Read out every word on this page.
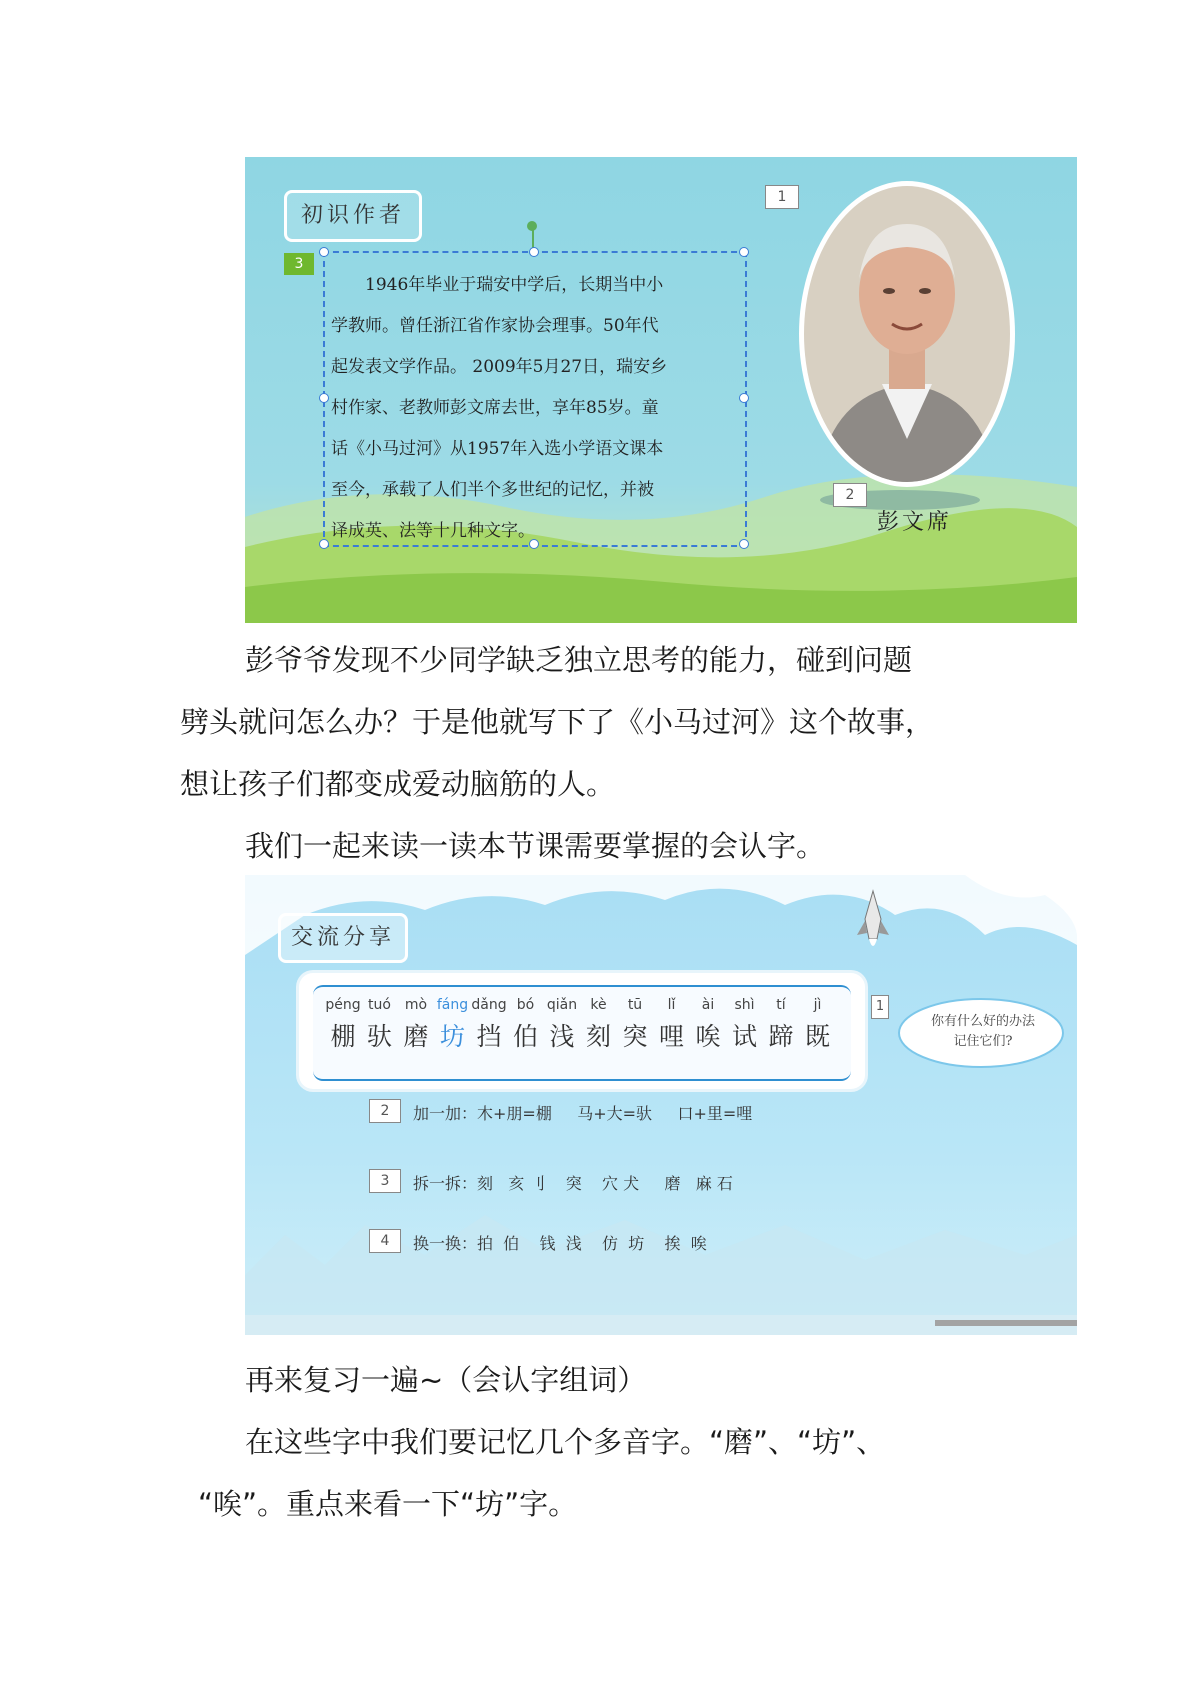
初识作者
3
　　1946年毕业于瑞安中学后，长期当中小
学教师。曾任浙江省作家协会理事。50年代
起发表文学作品。 2009年5月27日，瑞安乡
村作家、老教师彭文席去世，享年85岁。童
话《小马过河》从1957年入选小学语文课本
至今，承载了人们半个多世纪的记忆，并被
译成英、法等十几种文字。
1
2
彭文席
彭爷爷发现不少同学缺乏独立思考的能力，碰到问题
劈头就问怎么办？于是他就写下了《小马过河》这个故事，
想让孩子们都变成爱动脑筋的人。
我们一起来读一读本节课需要掌握的会认字。
交流分享
péng
棚
tuó
驮
mò
磨
fáng
坊
dǎng
挡
bó
伯
qiǎn
浅
kè
刻
tū
突
lǐ
哩
ài
唉
shì
试
tí
蹄
jì
既
1
你有什么好的办法
记住它们?
2	加一加：木+朋=棚     马+大=驮     口+里=哩
3	拆一拆：刻   亥 刂    突    穴 犬     磨   麻 石
4	换一换：拍  伯    钱  浅    仿  坊    挨  唉
再来复习一遍~（会认字组词）
在这些字中我们要记忆几个多音字。“磨”、“坊”、
“唉”。重点来看一下“坊”字。
